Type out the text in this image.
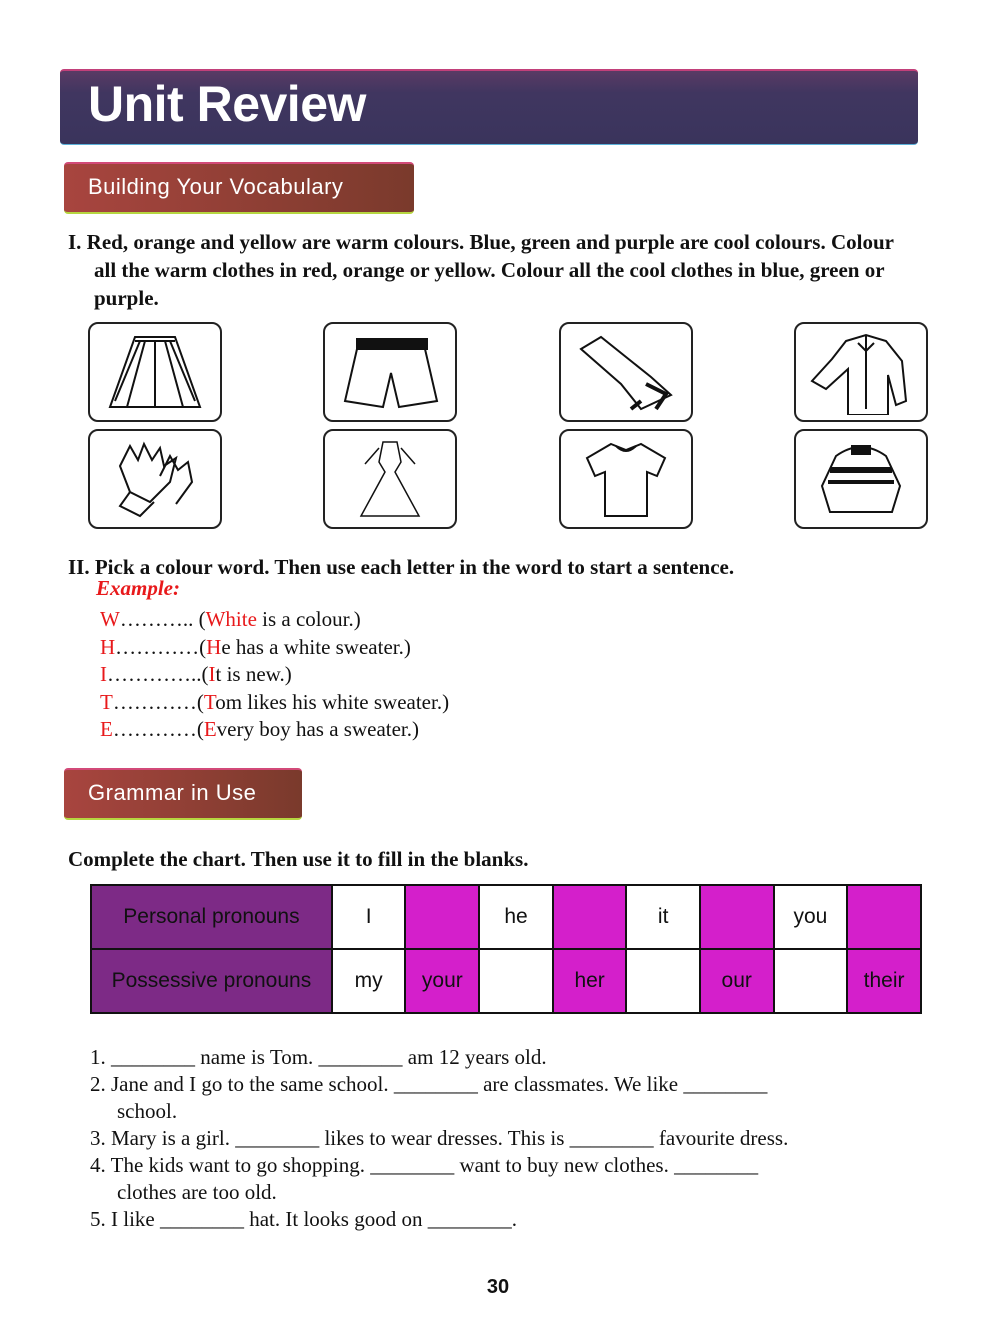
Unit Review
Building Your Vocabulary
I. Red, orange and yellow are warm colours. Blue, green and purple are cool colours. Colour all the warm clothes in red, orange or yellow. Colour all the cool clothes in blue, green or purple.
II. Pick a colour word. Then use each letter in the word to start a sentence.
Example:
W……….. (White is a colour.)
H…………(He has a white sweater.)
I…………..(It is new.)
T…………(Tom likes his white sweater.)
E…………(Every boy has a sweater.)
Grammar in Use
Complete the chart. Then use it to fill in the blanks.
Personal pronouns	I		he		it		you	
Possessive pronouns	my	your		her		our		their
1. ________ name is Tom. ________ am 12 years old.
2. Jane and I go to the same school. ________ are classmates. We like ________
school.
3. Mary is a girl. ________ likes to wear dresses. This is ________ favourite dress.
4. The kids want to go shopping. ________ want to buy new clothes. ________
clothes are too old.
5. I like ________ hat. It looks good on ________.
30
